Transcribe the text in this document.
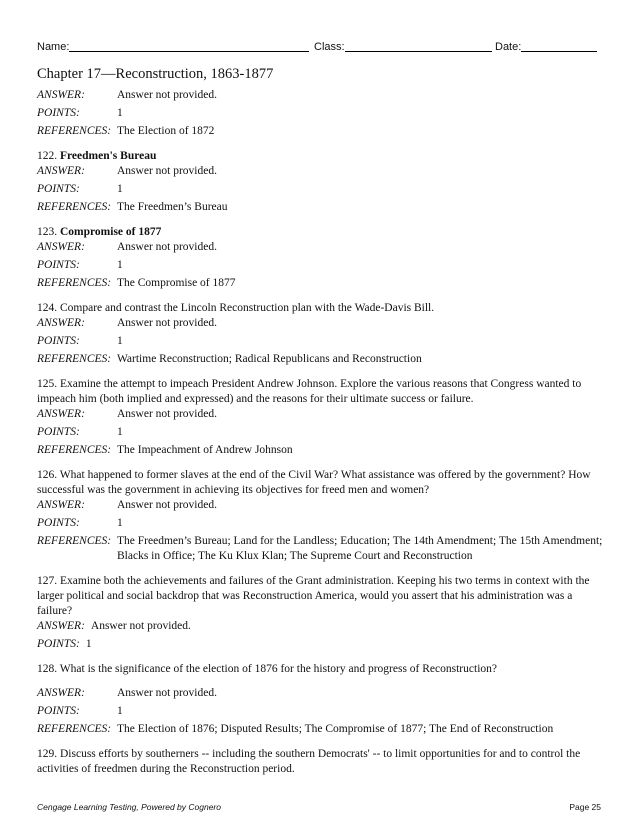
Name:	Class:	Date:
Chapter 17—Reconstruction, 1863-1877
ANSWER:	Answer not provided.
POINTS:	1
REFERENCES: The Election of 1872

122. Freedmen's Bureau

ANSWER:	Answer not provided.
POINTS:	1
REFERENCES: The Freedmen’s Bureau

123. Compromise of 1877

ANSWER:	Answer not provided.
POINTS:	1
REFERENCES: The Compromise of 1877

124. Compare and contrast the Lincoln Reconstruction plan with the Wade-Davis Bill.

ANSWER:	Answer not provided.
POINTS:	1
REFERENCES: Wartime Reconstruction; Radical Republicans and Reconstruction

125. Examine the attempt to impeach President Andrew Johnson. Explore the various reasons that Congress wanted to impeach him (both implied and expressed) and the reasons for their ultimate success or failure.

ANSWER:	Answer not provided.
POINTS:	1
REFERENCES: The Impeachment of Andrew Johnson

126. What happened to former slaves at the end of the Civil War? What assistance was offered by the government? How successful was the government in achieving its objectives for freed men and women?

ANSWER:	Answer not provided.
POINTS:	1
REFERENCES: The Freedmen’s Bureau; Land for the Landless; Education; The 14th Amendment; The 15th Amendment; Blacks in Office; The Ku Klux Klan; The Supreme Court and Reconstruction

127. Examine both the achievements and failures of the Grant administration. Keeping his two terms in context with the larger political and social backdrop that was Reconstruction America, would you assert that his administration was a failure?

ANSWER: Answer not provided.
POINTS: 1

128. What is the significance of the election of 1876 for the history and progress of Reconstruction?

ANSWER:	Answer not provided.
POINTS:	1
REFERENCES: The Election of 1876; Disputed Results; The Compromise of 1877; The End of Reconstruction

129. Discuss efforts by southerners -- including the southern Democrats' -- to limit opportunities for and to control the activities of freedmen during the Reconstruction period.

Cengage Learning Testing, Powered by Cognero	Page 25
